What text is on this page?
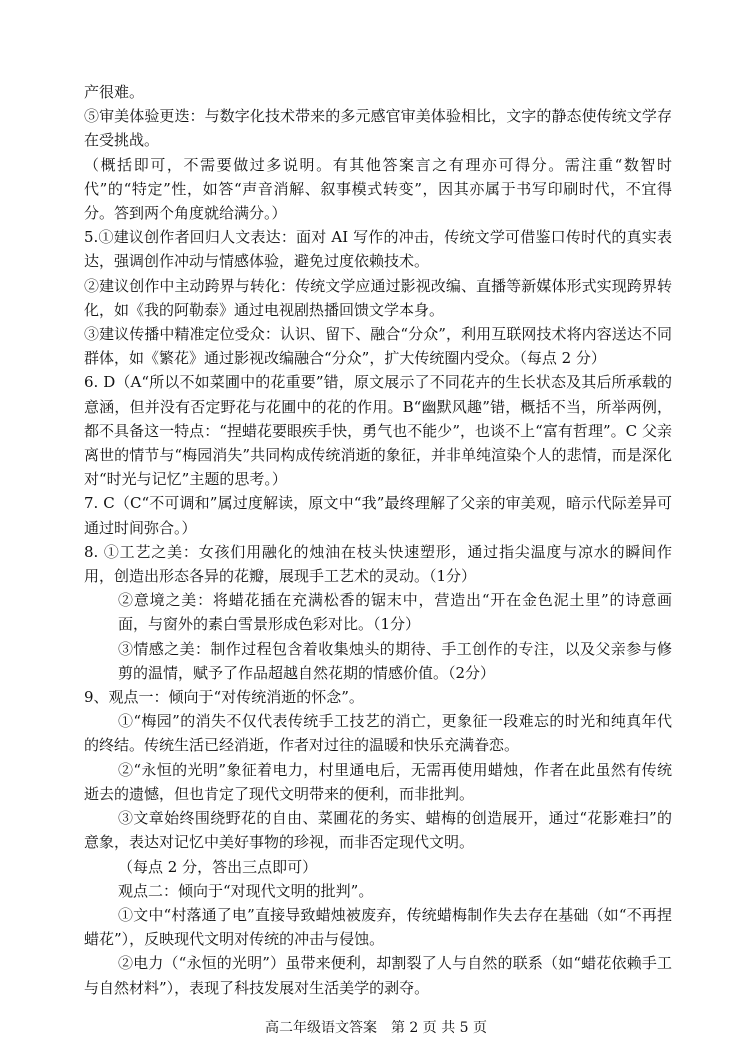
产很难。

⑤审美体验更迭：与数字化技术带来的多元感官审美体验相比，文字的静态使传统文学存在受挑战。

（概括即可，不需要做过多说明。有其他答案言之有理亦可得分。需注重“数智时代”的“特定”性，如答“声音消解、叙事模式转变”，因其亦属于书写印刷时代，不宜得分。答到两个角度就给满分。）

5.①建议创作者回归人文表达：面对 AI 写作的冲击，传统文学可借鉴口传时代的真实表达，强调创作冲动与情感体验，避免过度依赖技术。

②建议创作中主动跨界与转化：传统文学应通过影视改编、直播等新媒体形式实现跨界转化，如《我的阿勒泰》通过电视剧热播回馈文学本身。

③建议传播中精准定位受众：认识、留下、融合“分众”，利用互联网技术将内容送达不同群体，如《繁花》通过影视改编融合“分众”，扩大传统圈内受众。（每点 2 分）

6. D（A“所以不如菜圃中的花重要”错，原文展示了不同花卉的生长状态及其后所承载的意涵，但并没有否定野花与花圃中的花的作用。B“幽默风趣”错，概括不当，所举两例，都不具备这一特点：“捏蜡花要眼疾手快，勇气也不能少”，也谈不上“富有哲理”。C 父亲离世的情节与“梅园消失”共同构成传统消逝的象征，并非单纯渲染个人的悲情，而是深化对“时光与记忆”主题的思考。）

7. C（C“不可调和”属过度解读，原文中“我”最终理解了父亲的审美观，暗示代际差异可通过时间弥合。）

8. ①工艺之美：女孩们用融化的烛油在枝头快速塑形，通过指尖温度与凉水的瞬间作用，创造出形态各异的花瓣，展现手工艺术的灵动。（1分）

②意境之美：将蜡花插在充满松香的锯末中，营造出“开在金色泥土里”的诗意画面，与窗外的素白雪景形成色彩对比。（1分）

③情感之美：制作过程包含着收集烛头的期待、手工创作的专注，以及父亲参与修剪的温情，赋予了作品超越自然花期的情感价值。（2分）

9、观点一：倾向于“对传统消逝的怀念”。

①“梅园”的消失不仅代表传统手工技艺的消亡，更象征一段难忘的时光和纯真年代的终结。传统生活已经消逝，作者对过往的温暖和快乐充满眷恋。

②“永恒的光明”象征着电力，村里通电后，无需再使用蜡烛，作者在此虽然有传统逝去的遗憾，但也肯定了现代文明带来的便利，而非批判。

③文章始终围绕野花的自由、菜圃花的务实、蜡梅的创造展开，通过“花影难扫”的意象，表达对记忆中美好事物的珍视，而非否定现代文明。

（每点 2 分，答出三点即可）

观点二：倾向于“对现代文明的批判”。

①文中“村落通了电”直接导致蜡烛被废弃，传统蜡梅制作失去存在基础（如“不再捏蜡花”），反映现代文明对传统的冲击与侵蚀。

②电力（“永恒的光明”）虽带来便利，却割裂了人与自然的联系（如“蜡花依赖手工与自然材料”），表现了科技发展对生活美学的剥夺。

高二年级语文答案　第 2 页 共 5 页
